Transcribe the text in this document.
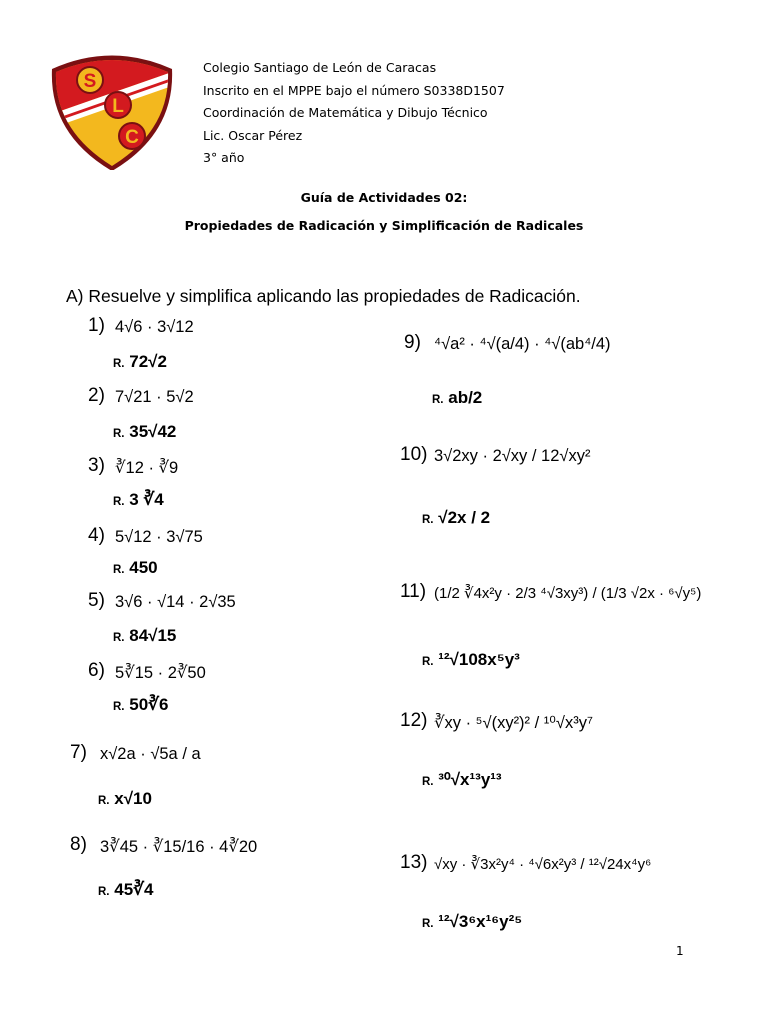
S
L
C
Colegio Santiago de León de Caracas
Inscrito en el MPPE bajo el número S0338D1507
Coordinación de Matemática y Dibujo Técnico
Lic. Oscar Pérez
3° año
Guía de Actividades 02:
Propiedades de Radicación y Simplificación de Radicales
A) Resuelve y simplifica aplicando las propiedades de Radicación.
1) 4√6 · 3√12
R. 72√2
2) 7√21 · 5√2
R. 35√42
3) ∛12 · ∛9
R. 3 ∛4
4) 5√12 · 3√75
R. 450
5) 3√6 · √14 · 2√35
R. 84√15
6) 5∛15 · 2∛50
R. 50∛6
7) x√2a · √5a / a
R. x√10
8) 3∛45 · ∛15/16 · 4∛20
R. 45∛4
9) ⁴√a² · ⁴√(a/4) · ⁴√(ab⁴/4)
R. ab/2
10) 3√2xy · 2√xy / 12√xy²
R. √2x / 2
11) (1/2 ∛4x²y · 2/3 ⁴√3xy³) / (1/3 √2x · ⁶√y⁵)
R. ¹²√108x⁵y³
12) ∛xy · ⁵√(xy²)² / ¹⁰√x³y⁷
R. ³⁰√x¹³y¹³
13) √xy · ∛3x²y⁴ · ⁴√6x²y³ / ¹²√24x⁴y⁶
R. ¹²√3⁶x¹⁶y²⁵
1
